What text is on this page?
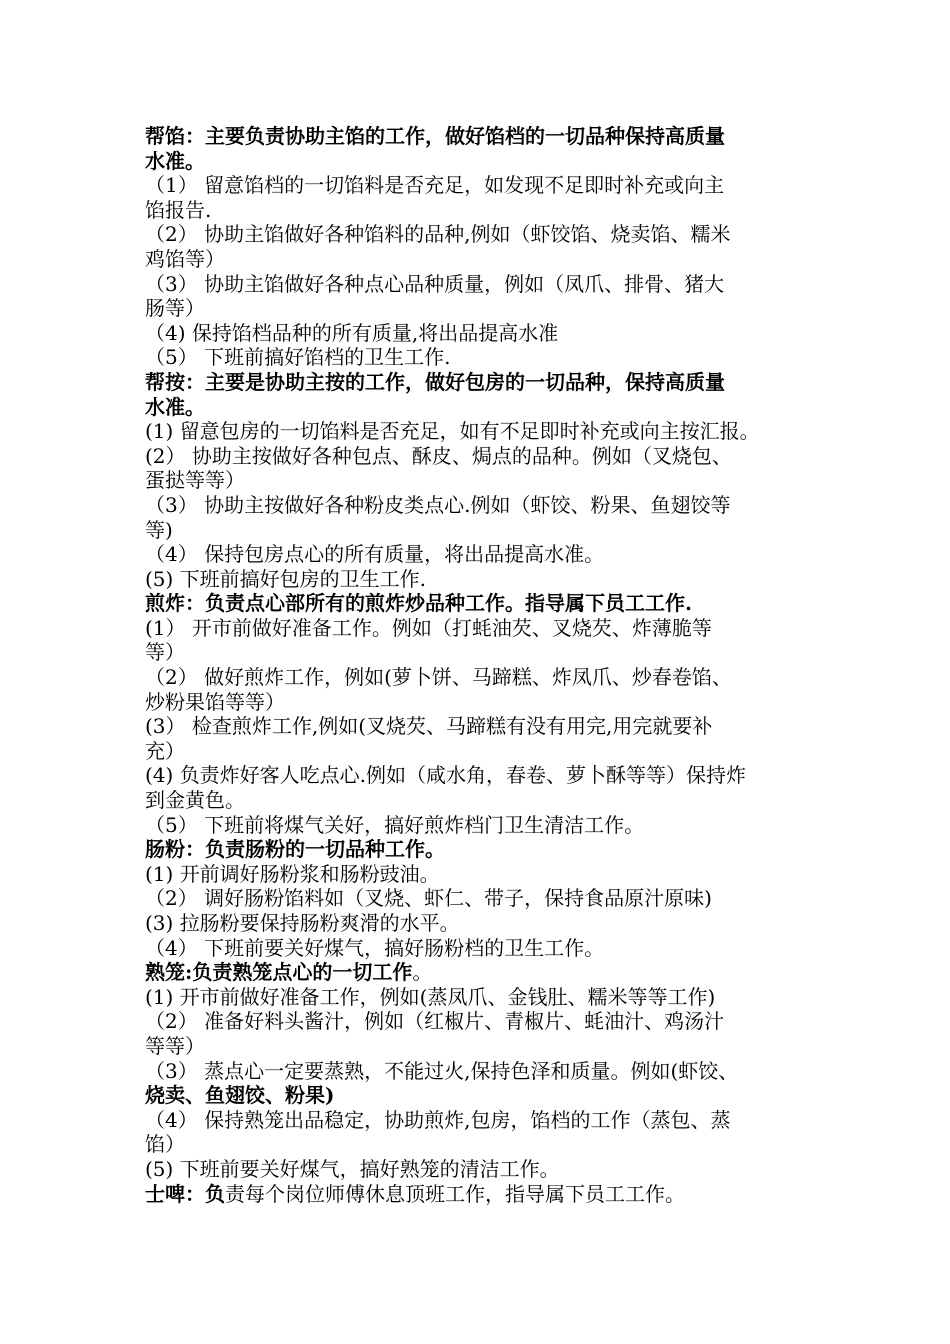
帮馅：主要负责协助主馅的工作，做好馅档的一切品种保持高质量
水准。
（1） 留意馅档的一切馅料是否充足，如发现不足即时补充或向主
馅报告.
（2） 协助主馅做好各种馅料的品种,例如（虾饺馅、烧卖馅、糯米
鸡馅等）
（3） 协助主馅做好各种点心品种质量，例如（凤爪、排骨、猪大
肠等）
（4) 保持馅档品种的所有质量,将出品提高水准
（5） 下班前搞好馅档的卫生工作.
帮按：主要是协助主按的工作，做好包房的一切品种，保持高质量
水准。
(1) 留意包房的一切馅料是否充足，如有不足即时补充或向主按汇报。
(2） 协助主按做好各种包点、酥皮、焗点的品种。例如（叉烧包、
蛋挞等等）
（3） 协助主按做好各种粉皮类点心.例如（虾饺、粉果、鱼翅饺等
等)
（4） 保持包房点心的所有质量，将出品提高水准。
(5) 下班前搞好包房的卫生工作.
煎炸：负责点心部所有的煎炸炒品种工作。指导属下员工工作.
(1） 开市前做好准备工作。例如（打蚝油芡、叉烧芡、炸薄脆等
等）
（2） 做好煎炸工作，例如(萝卜饼、马蹄糕、炸凤爪、炒春卷馅、
炒粉果馅等等）
(3） 检查煎炸工作,例如(叉烧芡、马蹄糕有没有用完,用完就要补
充）
(4) 负责炸好客人吃点心.例如（咸水角，春卷、萝卜酥等等）保持炸
到金黄色。
（5） 下班前将煤气关好，搞好煎炸档门卫生清洁工作。
肠粉：负责肠粉的一切品种工作。
(1) 开前调好肠粉浆和肠粉豉油。
（2） 调好肠粉馅料如（叉烧、虾仁、带子，保持食品原汁原味)
(3) 拉肠粉要保持肠粉爽滑的水平。
（4） 下班前要关好煤气，搞好肠粉档的卫生工作。
熟笼:负责熟笼点心的一切工作。
(1) 开市前做好准备工作，例如(蒸凤爪、金钱肚、糯米等等工作)
（2） 准备好料头酱汁，例如（红椒片、青椒片、蚝油汁、鸡汤汁
等等）
（3） 蒸点心一定要蒸熟，不能过火,保持色泽和质量。例如(虾饺、
烧卖、鱼翅饺、粉果)
（4） 保持熟笼出品稳定，协助煎炸,包房，馅档的工作（蒸包、蒸
馅）
(5) 下班前要关好煤气，搞好熟笼的清洁工作。
士啤：负责每个岗位师傅休息顶班工作，指导属下员工工作。
